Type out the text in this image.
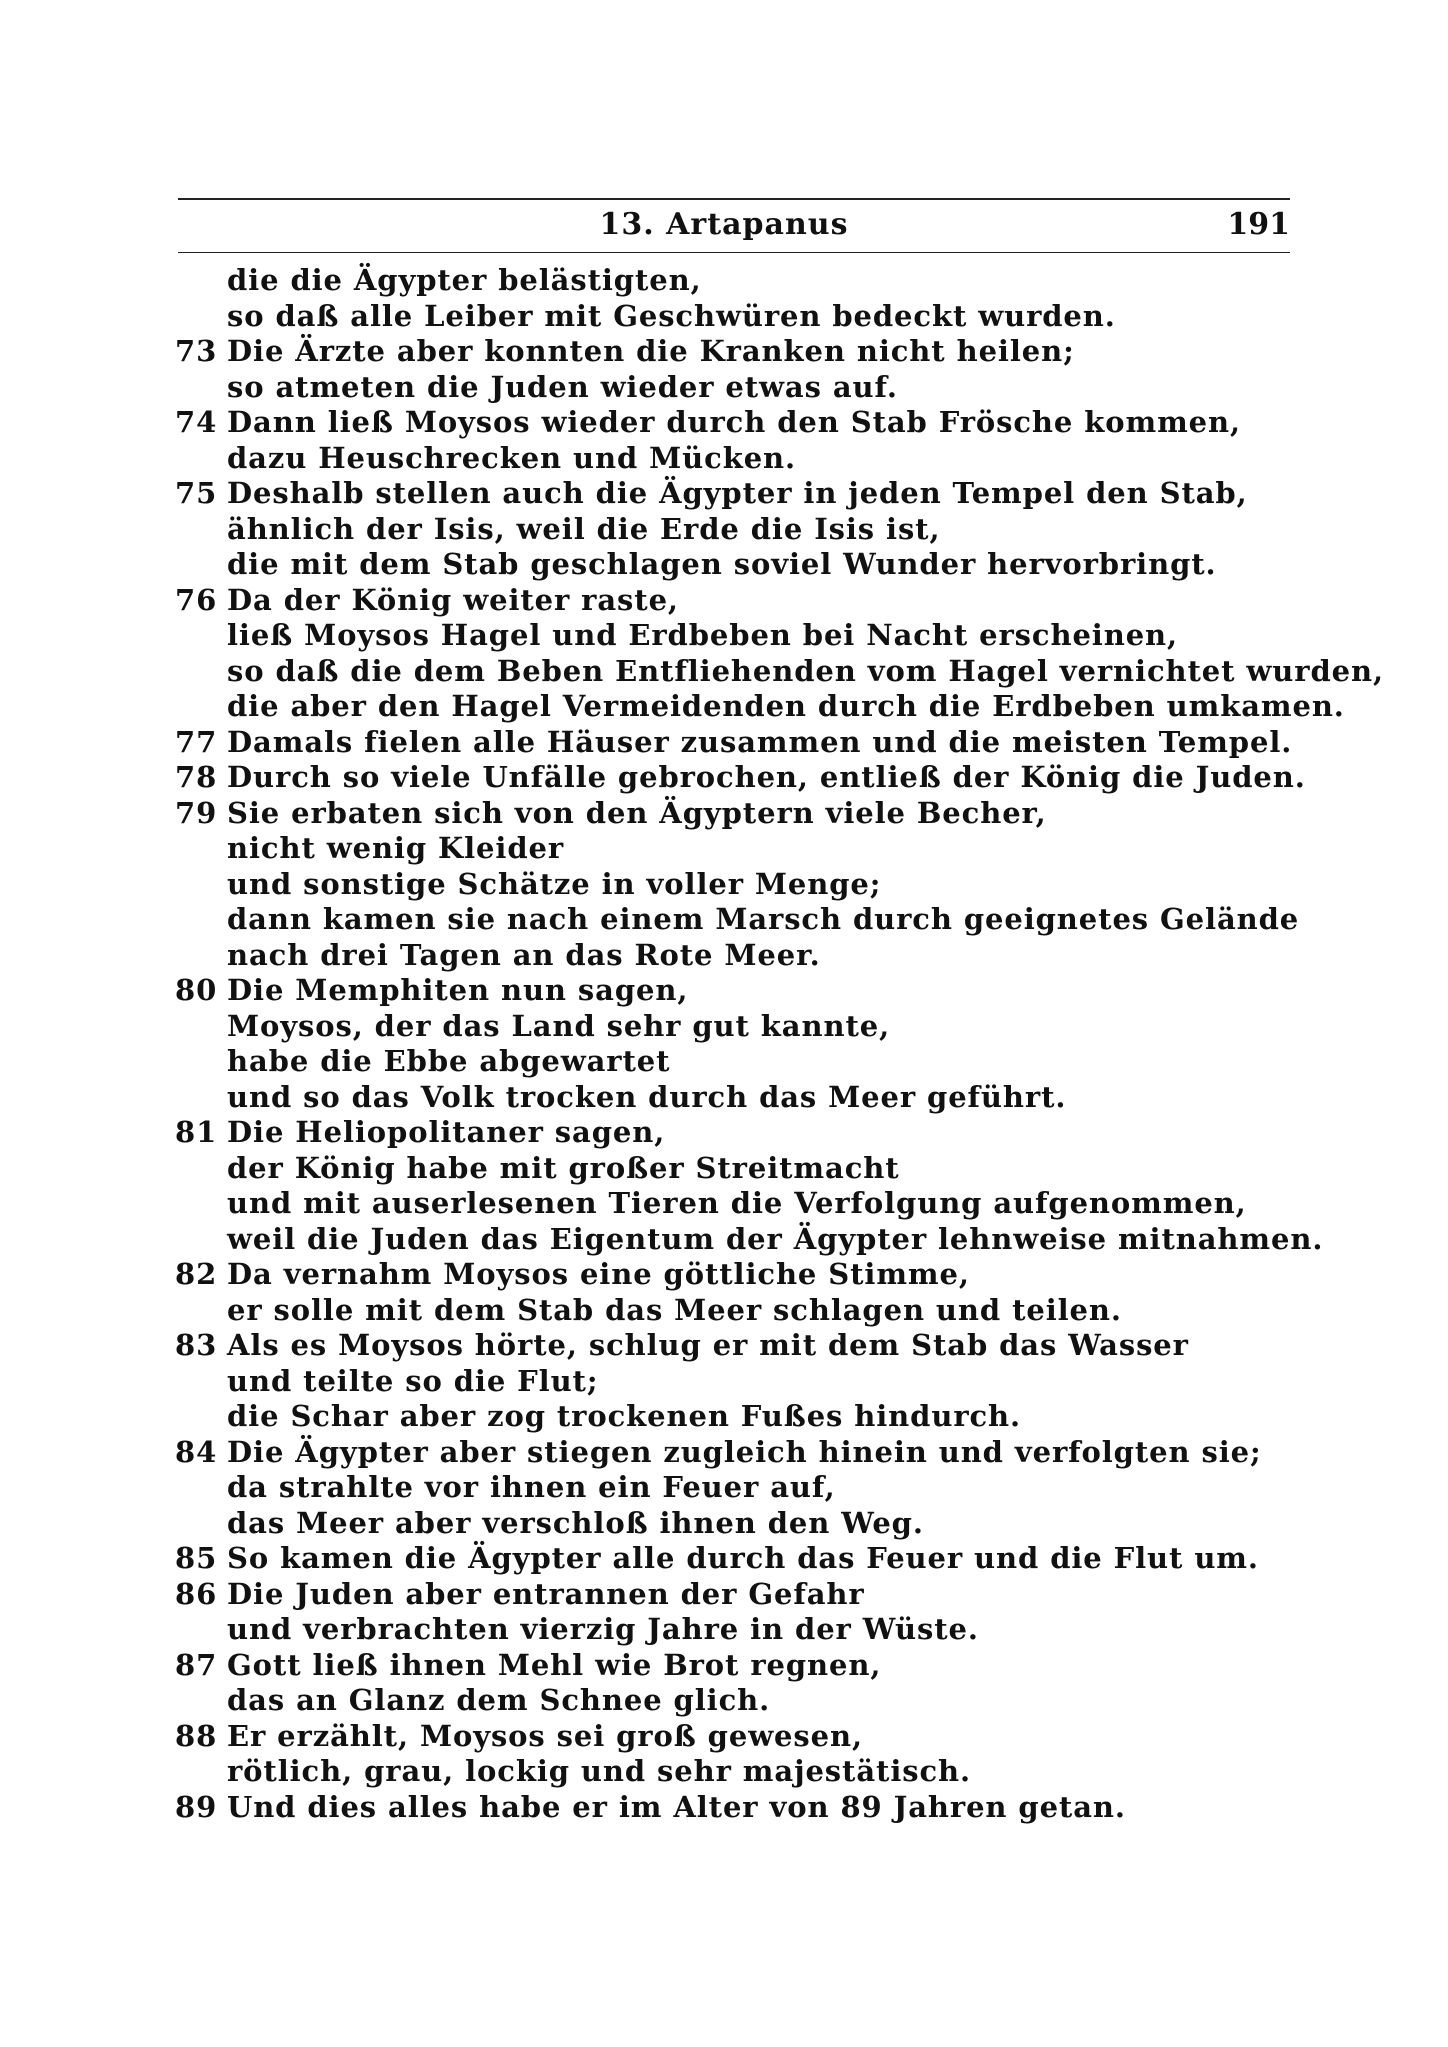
13. Artapanus	191
die die Ägypter belästigten,
so daß alle Leiber mit Geschwüren bedeckt wurden.
73 Die Ärzte aber konnten die Kranken nicht heilen;
so atmeten die Juden wieder etwas auf.
74 Dann ließ Moysos wieder durch den Stab Frösche kommen,
dazu Heuschrecken und Mücken.
75 Deshalb stellen auch die Ägypter in jeden Tempel den Stab,
ähnlich der Isis, weil die Erde die Isis ist,
die mit dem Stab geschlagen soviel Wunder hervorbringt.
76 Da der König weiter raste,
ließ Moysos Hagel und Erdbeben bei Nacht erscheinen,
so daß die dem Beben Entfliehenden vom Hagel vernichtet wurden,
die aber den Hagel Vermeidenden durch die Erdbeben umkamen.
77 Damals fielen alle Häuser zusammen und die meisten Tempel.
78 Durch so viele Unfälle gebrochen, entließ der König die Juden.
79 Sie erbaten sich von den Ägyptern viele Becher,
nicht wenig Kleider
und sonstige Schätze in voller Menge;
dann kamen sie nach einem Marsch durch geeignetes Gelände
nach drei Tagen an das Rote Meer.
80 Die Memphiten nun sagen,
Moysos, der das Land sehr gut kannte,
habe die Ebbe abgewartet
und so das Volk trocken durch das Meer geführt.
81 Die Heliopolitaner sagen,
der König habe mit großer Streitmacht
und mit auserlesenen Tieren die Verfolgung aufgenommen,
weil die Juden das Eigentum der Ägypter lehnweise mitnahmen.
82 Da vernahm Moysos eine göttliche Stimme,
er solle mit dem Stab das Meer schlagen und teilen.
83 Als es Moysos hörte, schlug er mit dem Stab das Wasser
und teilte so die Flut;
die Schar aber zog trockenen Fußes hindurch.
84 Die Ägypter aber stiegen zugleich hinein und verfolgten sie;
da strahlte vor ihnen ein Feuer auf,
das Meer aber verschloß ihnen den Weg.
85 So kamen die Ägypter alle durch das Feuer und die Flut um.
86 Die Juden aber entrannen der Gefahr
und verbrachten vierzig Jahre in der Wüste.
87 Gott ließ ihnen Mehl wie Brot regnen,
das an Glanz dem Schnee glich.
88 Er erzählt, Moysos sei groß gewesen,
rötlich, grau, lockig und sehr majestätisch.
89 Und dies alles habe er im Alter von 89 Jahren getan.
